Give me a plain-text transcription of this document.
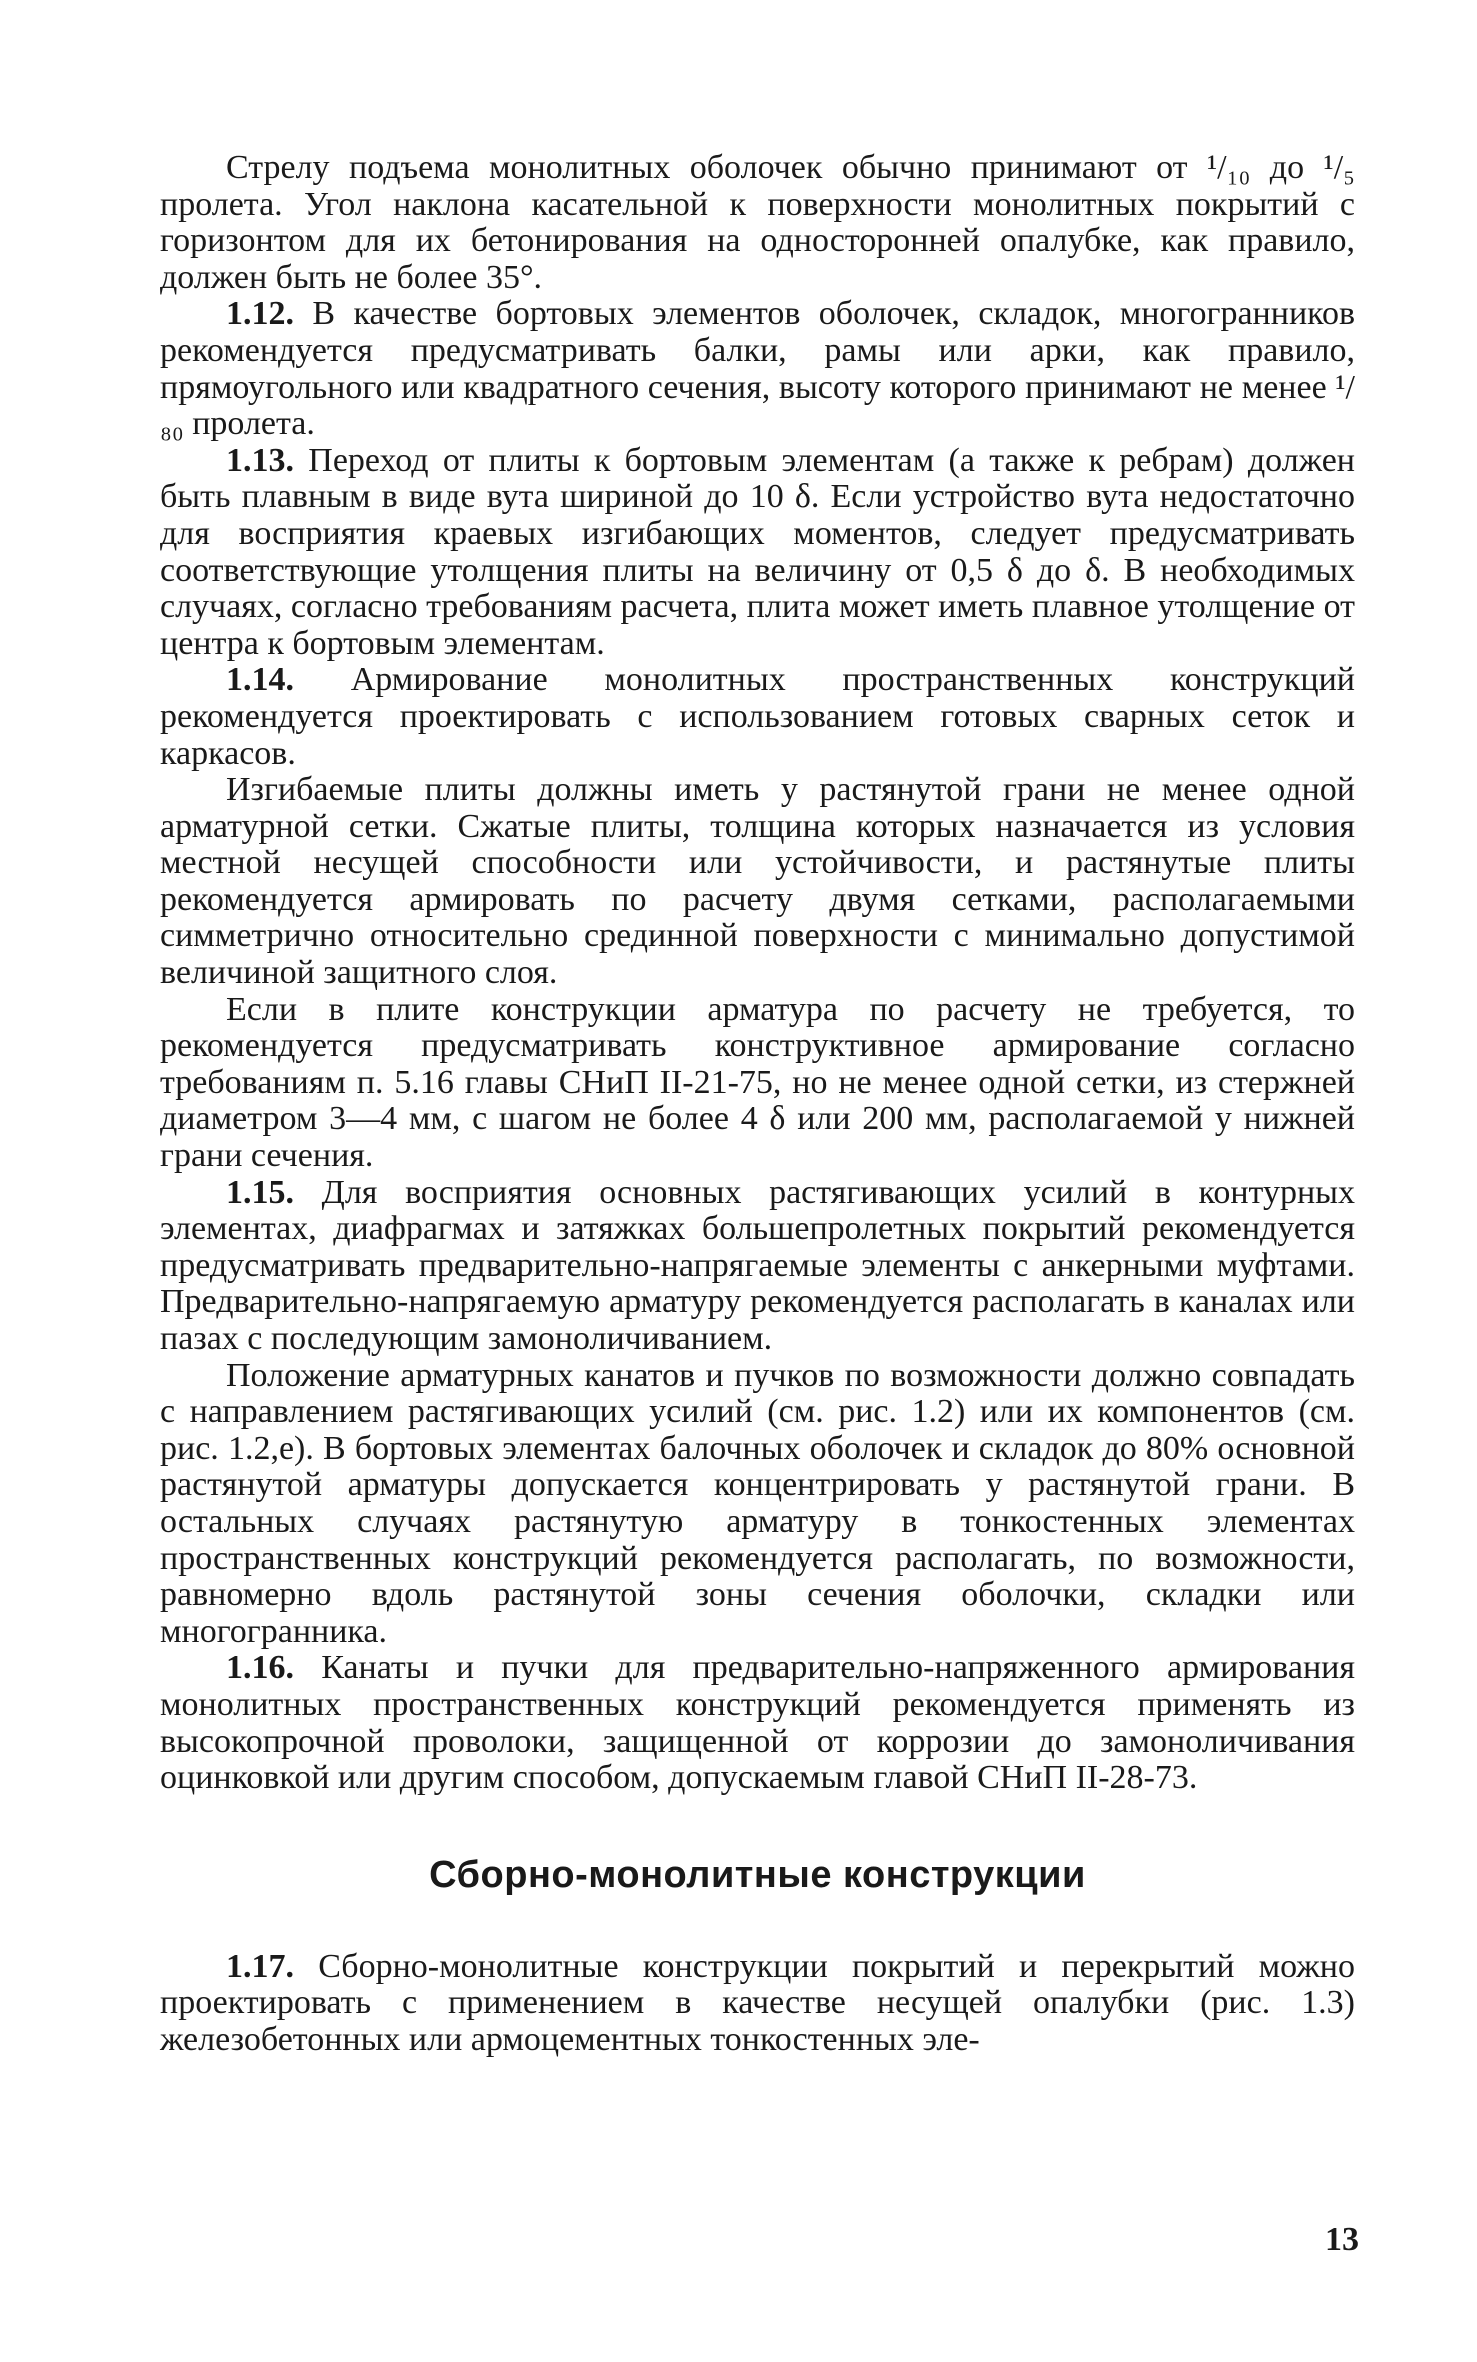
Стрелу подъема монолитных оболочек обычно принимают от ¹/₁₀ до ¹/₅ пролета. Угол наклона касательной к поверхности монолитных покрытий с горизонтом для их бетонирования на односторонней опалубке, как правило, должен быть не более 35°.

1.12. В качестве бортовых элементов оболочек, складок, многогранников рекомендуется предусматривать балки, рамы или арки, как правило, прямоугольного или квадратного сечения, высоту которого принимают не менее ¹/₈₀ пролета.

1.13. Переход от плиты к бортовым элементам (а также к ребрам) должен быть плавным в виде вута шириной до 10 δ. Если устройство вута недостаточно для восприятия краевых изгибающих моментов, следует предусматривать соответствующие утолщения плиты на величину от 0,5 δ до δ. В необходимых случаях, согласно требованиям расчета, плита может иметь плавное утолщение от центра к бортовым элементам.

1.14. Армирование монолитных пространственных конструкций рекомендуется проектировать с использованием готовых сварных сеток и каркасов.

Изгибаемые плиты должны иметь у растянутой грани не менее одной арматурной сетки. Сжатые плиты, толщина которых назначается из условия местной несущей способности или устойчивости, и растянутые плиты рекомендуется армировать по расчету двумя сетками, располагаемыми симметрично относительно срединной поверхности с минимально допустимой величиной защитного слоя.

Если в плите конструкции арматура по расчету не требуется, то рекомендуется предусматривать конструктивное армирование согласно требованиям п. 5.16 главы СНиП II-21-75, но не менее одной сетки, из стержней диаметром 3—4 мм, с шагом не более 4 δ или 200 мм, располагаемой у нижней грани сечения.

1.15. Для восприятия основных растягивающих усилий в контурных элементах, диафрагмах и затяжках большепролетных покрытий рекомендуется предусматривать предварительно-напрягаемые элементы с анкерными муфтами. Предварительно-напрягаемую арматуру рекомендуется располагать в каналах или пазах с последующим замоноличиванием.

Положение арматурных канатов и пучков по возможности должно совпадать с направлением растягивающих усилий (см. рис. 1.2) или их компонентов (см. рис. 1.2,е). В бортовых элементах балочных оболочек и складок до 80% основной растянутой арматуры допускается концентрировать у растянутой грани. В остальных случаях растянутую арматуру в тонкостенных элементах пространственных конструкций рекомендуется располагать, по возможности, равномерно вдоль растянутой зоны сечения оболочки, складки или многогранника.

1.16. Канаты и пучки для предварительно-напряженного армирования монолитных пространственных конструкций рекомендуется применять из высокопрочной проволоки, защищенной от коррозии до замоноличивания оцинковкой или другим способом, допускаемым главой СНиП II-28-73.

Сборно-монолитные конструкции

1.17. Сборно-монолитные конструкции покрытий и перекрытий можно проектировать с применением в качестве несущей опалубки (рис. 1.3) железобетонных или армоцементных тонкостенных эле-

13
